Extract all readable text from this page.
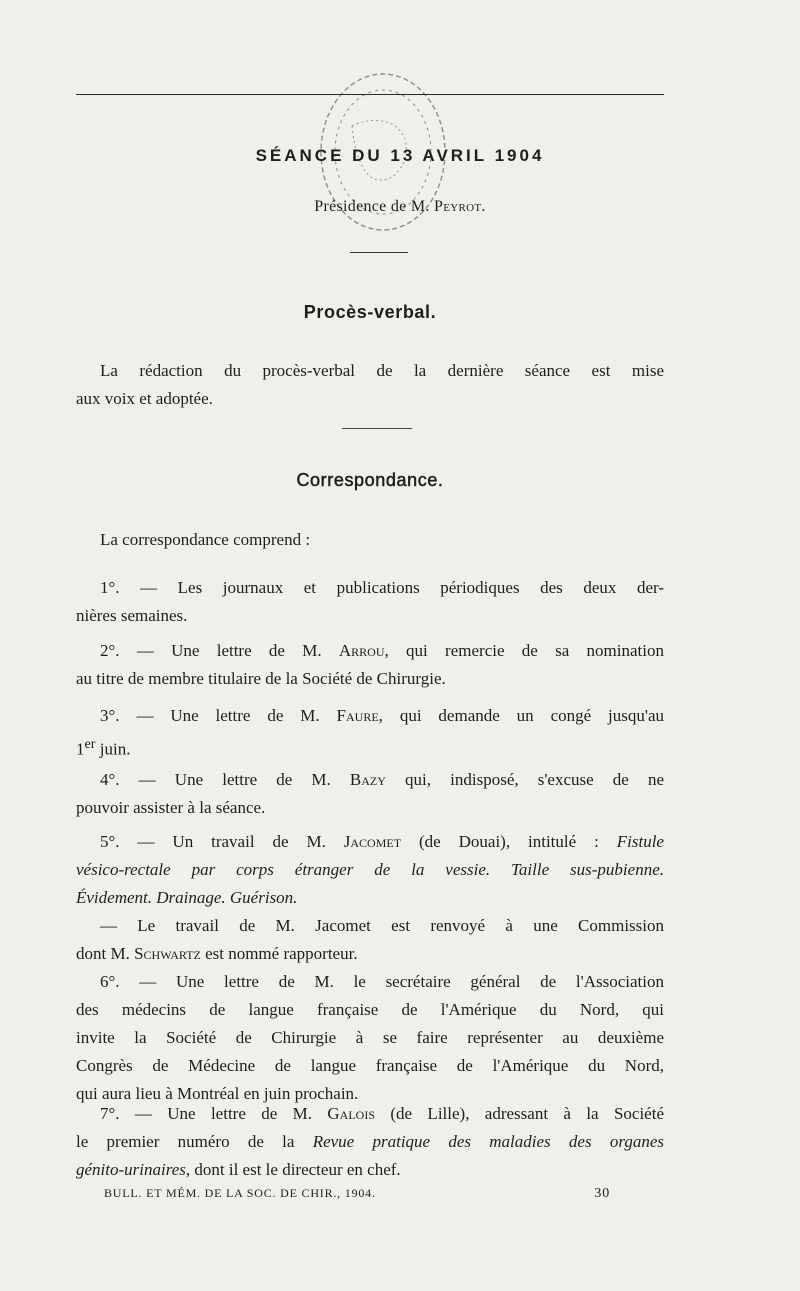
SÉANCE DU 13 AVRIL 1904
Présidence de M. Peyrot.
Procès-verbal.
La rédaction du procès-verbal de la dernière séance est mise
aux voix et adoptée.
Correspondance.
La correspondance comprend :
1°. — Les journaux et publications périodiques des deux der-
nières semaines.
2°. — Une lettre de M. Arrou, qui remercie de sa nomination
au titre de membre titulaire de la Société de Chirurgie.
3°. — Une lettre de M. Faure, qui demande un congé jusqu'au
1er juin.
4°. — Une lettre de M. Bazy qui, indisposé, s'excuse de ne
pouvoir assister à la séance.
5°. — Un travail de M. Jacomet (de Douai), intitulé : Fistule
vésico-rectale par corps étranger de la vessie. Taille sus-pubienne.
Évidement. Drainage. Guérison.
— Le travail de M. Jacomet est renvoyé à une Commission
dont M. Schwartz est nommé rapporteur.
6°. — Une lettre de M. le secrétaire général de l'Association
des médecins de langue française de l'Amérique du Nord, qui
invite la Société de Chirurgie à se faire représenter au deuxième
Congrès de Médecine de langue française de l'Amérique du Nord,
qui aura lieu à Montréal en juin prochain.
7°. — Une lettre de M. Galois (de Lille), adressant à la Société
le premier numéro de la Revue pratique des maladies des organes
génito-urinaires, dont il est le directeur en chef.
BULL. ET MÉM. DE LA SOC. DE CHIR., 1904.	30
